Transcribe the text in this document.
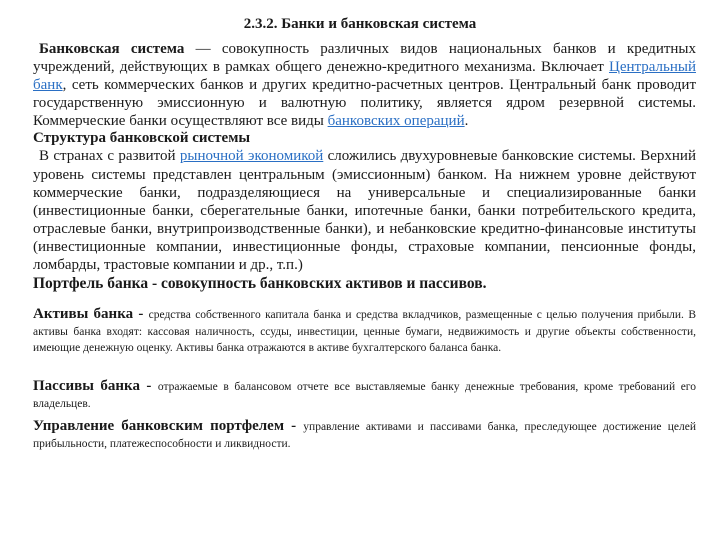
2.3.2. Банки и банковская система

Банковская система — совокупность различных видов национальных банков и кредитных учреждений, действующих в рамках общего денежно-кредитного механизма. Включает Центральный банк, сеть коммерческих банков и других кредитно-расчетных центров. Центральный банк проводит государственную эмиссионную и валютную политику, является ядром резервной системы. Коммерческие банки осуществляют все виды банковских операций.

Структура банковской системы

В странах с развитой рыночной экономикой сложились двухуровневые банковские системы. Верхний уровень системы представлен центральным (эмиссионным) банком. На нижнем уровне действуют коммерческие банки, подразделяющиеся на универсальные и специализированные банки (инвестиционные банки, сберегательные банки, ипотечные банки, банки потребительского кредита, отраслевые банки, внутрипроизводственные банки), и небанковские кредитно-финансовые институты (инвестиционные компании, инвестиционные фонды, страховые компании, пенсионные фонды, ломбарды, трастовые компании и др., т.п.)

Портфель банка - совокупность банковских активов и пассивов.

Активы банка - средства собственного капитала банка и средства вкладчиков, размещенные с целью получения прибыли. В активы банка входят: кассовая наличность, ссуды, инвестиции, ценные бумаги, недвижимость и другие объекты собственности, имеющие денежную оценку. Активы банка отражаются в активе бухгалтерского баланса банка.

Пассивы банка - отражаемые в балансовом отчете все выставляемые банку денежные требования, кроме требований его владельцев.

Управление банковским портфелем - управление активами и пассивами банка, преследующее достижение целей прибыльности, платежеспособности и ликвидности.
